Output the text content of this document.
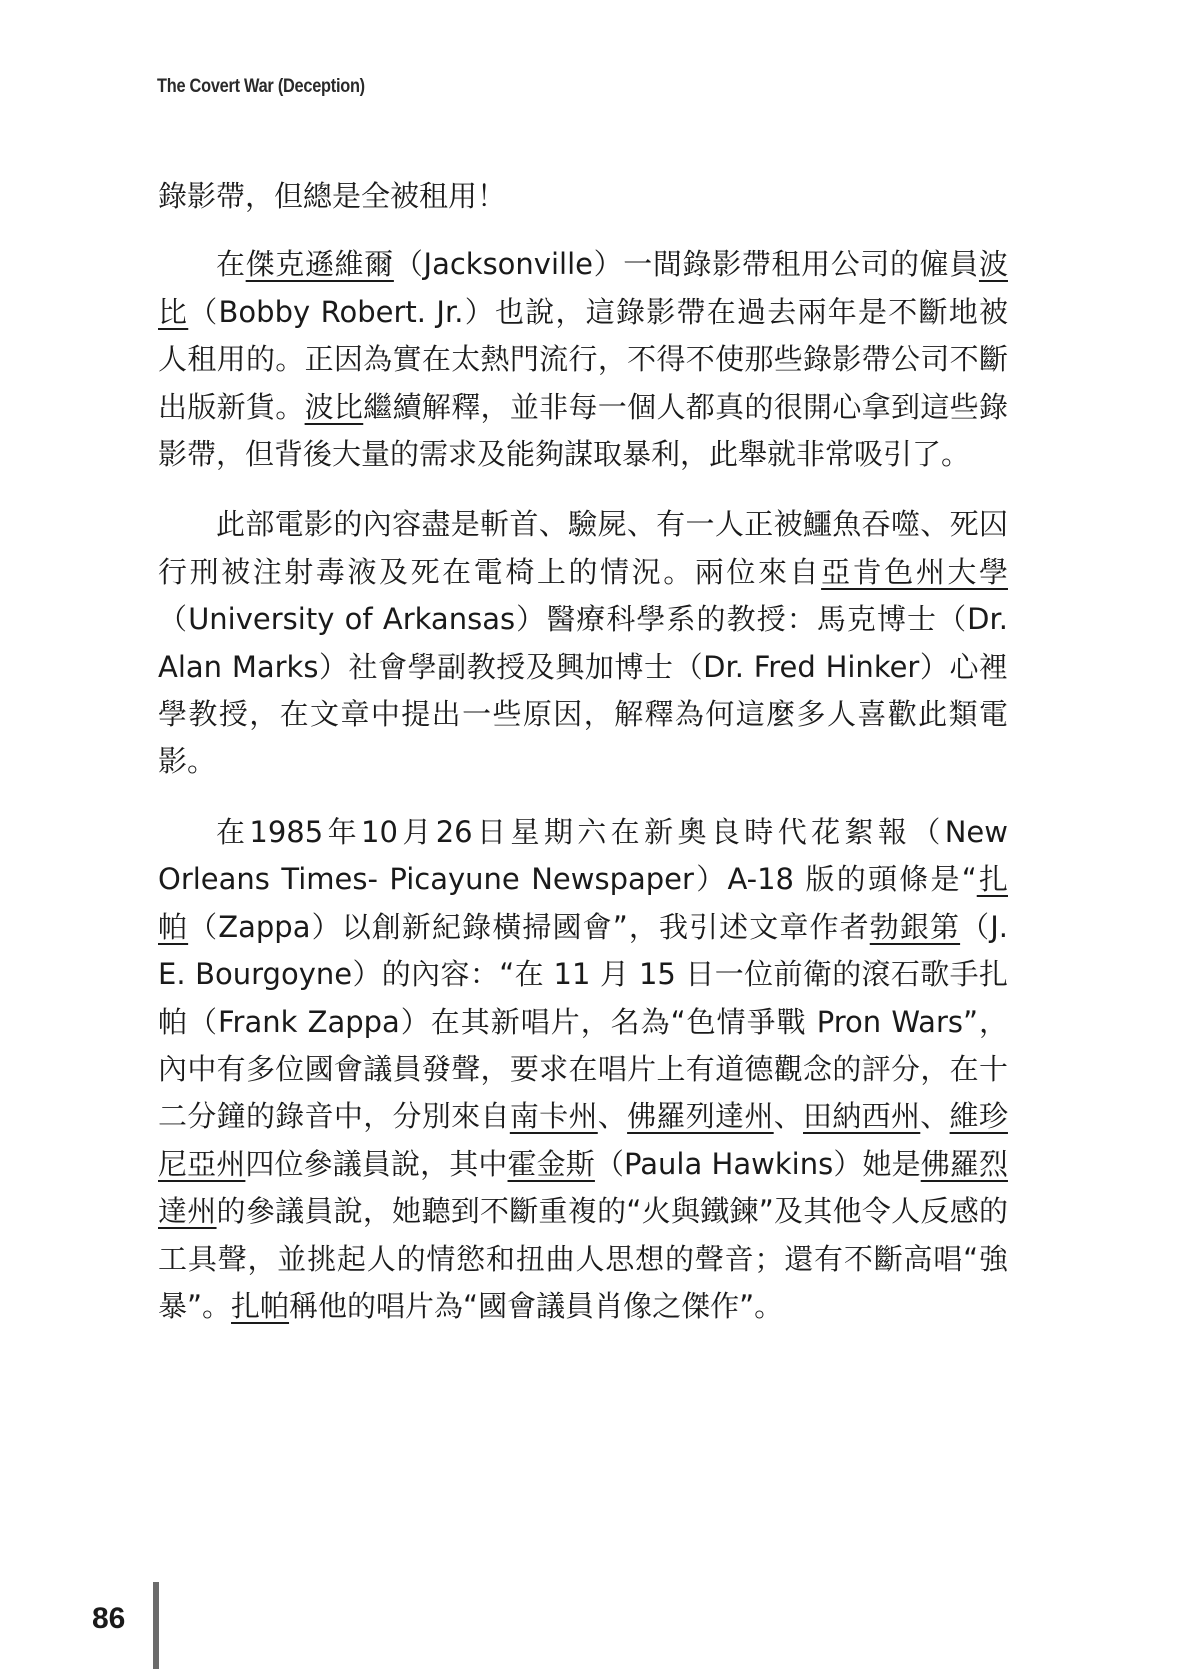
The Covert War (Deception)

錄影帶，但總是全被租用！

在傑克遜維爾（Jacksonville）一間錄影帶租用公司的僱員波比（Bobby Robert. Jr.）也說，這錄影帶在過去兩年是不斷地被人租用的。正因為實在太熱門流行，不得不使那些錄影帶公司不斷出版新貨。波比繼續解釋，並非每一個人都真的很開心拿到這些錄影帶，但背後大量的需求及能夠謀取暴利，此舉就非常吸引了。

此部電影的內容盡是斬首、驗屍、有一人正被鱷魚吞噬、死囚行刑被注射毒液及死在電椅上的情況。兩位來自亞肯色州大學（University of Arkansas）醫療科學系的教授：馬克博士（Dr. Alan Marks）社會學副教授及興加博士（Dr. Fred Hinker）心裡學教授，在文章中提出一些原因，解釋為何這麼多人喜歡此類電影。

在1985年10月26日星期六在新奧良時代花絮報（New Orleans Times- Picayune Newspaper）A-18 版的頭條是“扎帕（Zappa）以創新紀錄橫掃國會”，我引述文章作者勃銀第（J. E. Bourgoyne）的內容：“在 11 月 15 日一位前衛的滾石歌手扎帕（Frank Zappa）在其新唱片，名為“色情爭戰 Pron Wars”，內中有多位國會議員發聲，要求在唱片上有道德觀念的評分，在十二分鐘的錄音中，分別來自南卡州、佛羅列達州、田納西州、維珍尼亞州四位參議員說，其中霍金斯（Paula Hawkins）她是佛羅烈達州的參議員說，她聽到不斷重複的“火與鐵鍊”及其他令人反感的工具聲，並挑起人的情慾和扭曲人思想的聲音；還有不斷高唱“強暴”。扎帕稱他的唱片為“國會議員肖像之傑作”。

86
